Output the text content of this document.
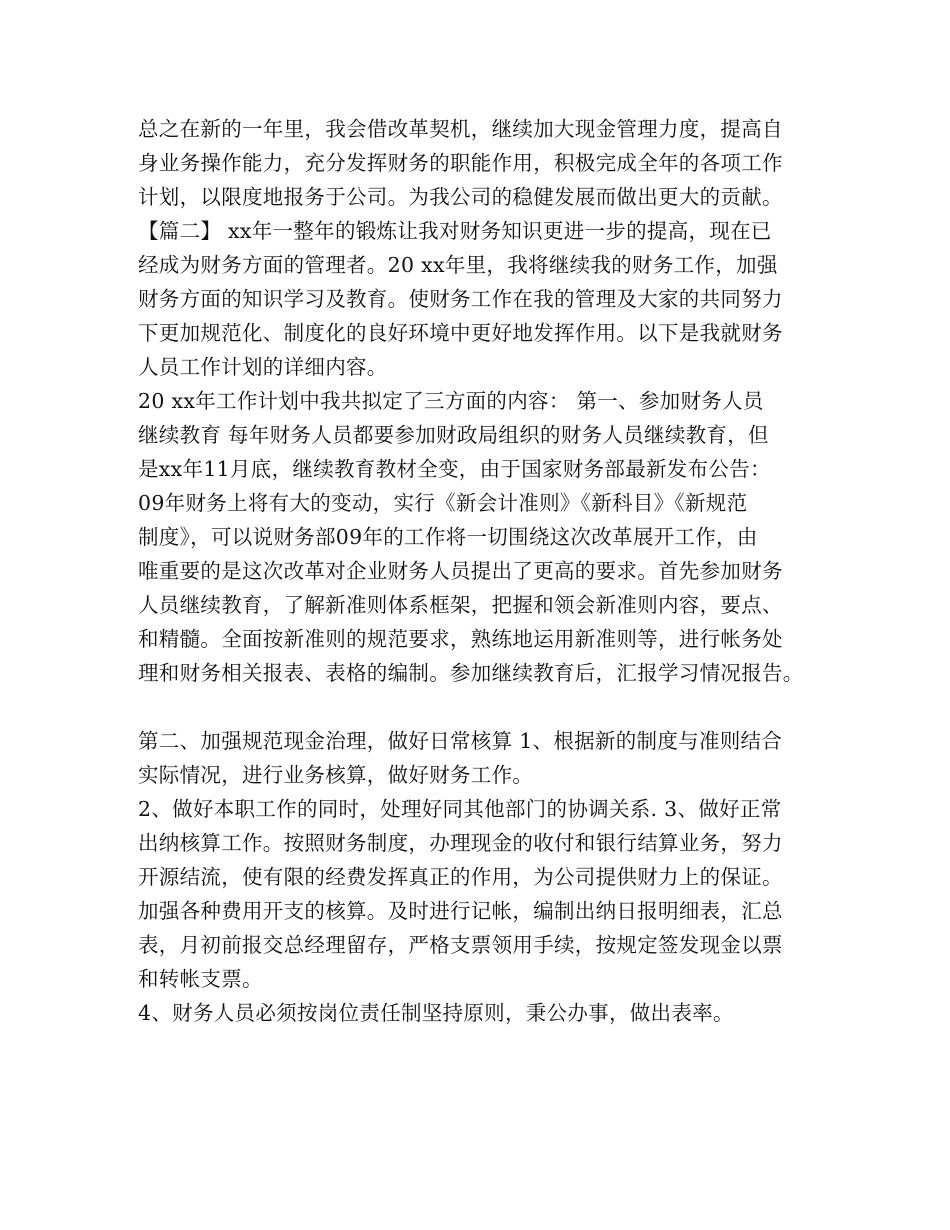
总之在新的一年里，我会借改革契机，继续加大现金管理力度，提高自
身业务操作能力，充分发挥财务的职能作用，积极完成全年的各项工作
计划，以限度地报务于公司。为我公司的稳健发展而做出更大的贡献。
【篇二】 xx年一整年的锻炼让我对财务知识更进一步的提高，现在已
经成为财务方面的管理者。20 xx年里，我将继续我的财务工作，加强
财务方面的知识学习及教育。使财务工作在我的管理及大家的共同努力
下更加规范化、制度化的良好环境中更好地发挥作用。以下是我就财务
人员工作计划的详细内容。
20 xx年工作计划中我共拟定了三方面的内容： 第一、参加财务人员
继续教育 每年财务人员都要参加财政局组织的财务人员继续教育，但
是xx年11月底，继续教育教材全变，由于国家财务部最新发布公告：
09年财务上将有大的变动，实行《新会计准则》《新科目》《新规范
制度》，可以说财务部09年的工作将一切围绕这次改革展开工作，由
唯重要的是这次改革对企业财务人员提出了更高的要求。首先参加财务
人员继续教育，了解新准则体系框架，把握和领会新准则内容，要点、
和精髓。全面按新准则的规范要求，熟练地运用新准则等，进行帐务处
理和财务相关报表、表格的编制。参加继续教育后，汇报学习情况报告。
第二、加强规范现金治理，做好日常核算 1、根据新的制度与准则结合
实际情况，进行业务核算，做好财务工作。
2、做好本职工作的同时，处理好同其他部门的协调关系. 3、做好正常
出纳核算工作。按照财务制度，办理现金的收付和银行结算业务，努力
开源结流，使有限的经费发挥真正的作用，为公司提供财力上的保证。
加强各种费用开支的核算。及时进行记帐，编制出纳日报明细表，汇总
表，月初前报交总经理留存，严格支票领用手续，按规定签发现金以票
和转帐支票。
4、财务人员必须按岗位责任制坚持原则，秉公办事，做出表率。
